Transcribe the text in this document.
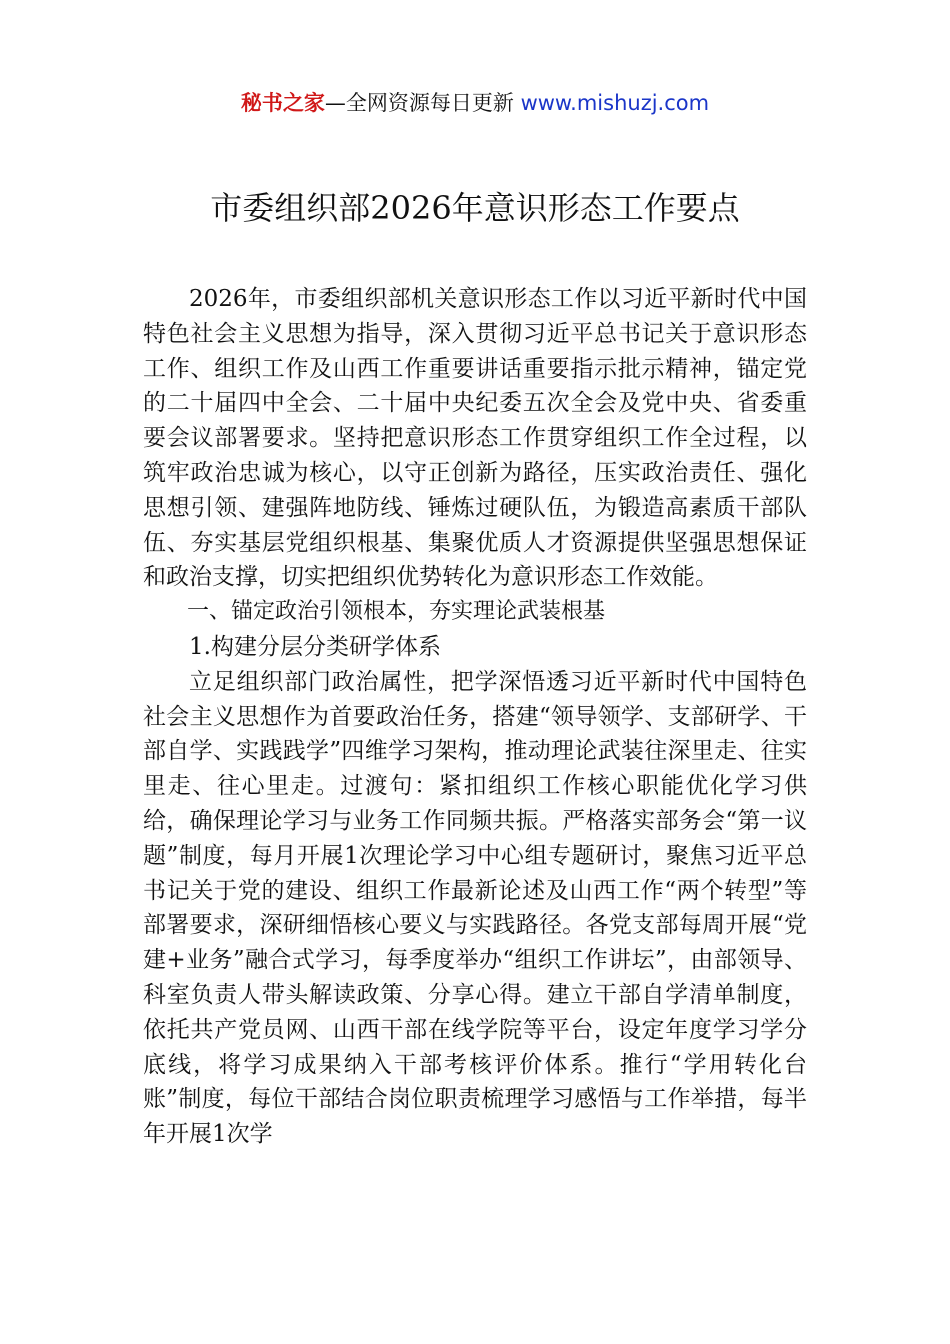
秘书之家—全网资源每日更新 www.mishuzj.com
市委组织部2026年意识形态工作要点

2026年，市委组织部机关意识形态工作以习近平新时代中国特色社会主义思想为指导，深入贯彻习近平总书记关于意识形态工作、组织工作及山西工作重要讲话重要指示批示精神，锚定党的二十届四中全会、二十届中央纪委五次全会及党中央、省委重要会议部署要求。坚持把意识形态工作贯穿组织工作全过程，以筑牢政治忠诚为核心，以守正创新为路径，压实政治责任、强化思想引领、建强阵地防线、锤炼过硬队伍，为锻造高素质干部队伍、夯实基层党组织根基、集聚优质人才资源提供坚强思想保证和政治支撑，切实把组织优势转化为意识形态工作效能。

一、锚定政治引领根本，夯实理论武装根基

1.构建分层分类研学体系

立足组织部门政治属性，把学深悟透习近平新时代中国特色社会主义思想作为首要政治任务，搭建“领导领学、支部研学、干部自学、实践践学”四维学习架构，推动理论武装往深里走、往实里走、往心里走。过渡句：紧扣组织工作核心职能优化学习供给，确保理论学习与业务工作同频共振。严格落实部务会“第一议题”制度，每月开展1次理论学习中心组专题研讨，聚焦习近平总书记关于党的建设、组织工作最新论述及山西工作“两个转型”等部署要求，深研细悟核心要义与实践路径。各党支部每周开展“党建+业务”融合式学习，每季度举办“组织工作讲坛”，由部领导、科室负责人带头解读政策、分享心得。建立干部自学清单制度，依托共产党员网、山西干部在线学院等平台，设定年度学习学分底线，将学习成果纳入干部考核评价体系。推行“学用转化台账”制度，每位干部结合岗位职责梳理学习感悟与工作举措，每半年开展1次学
